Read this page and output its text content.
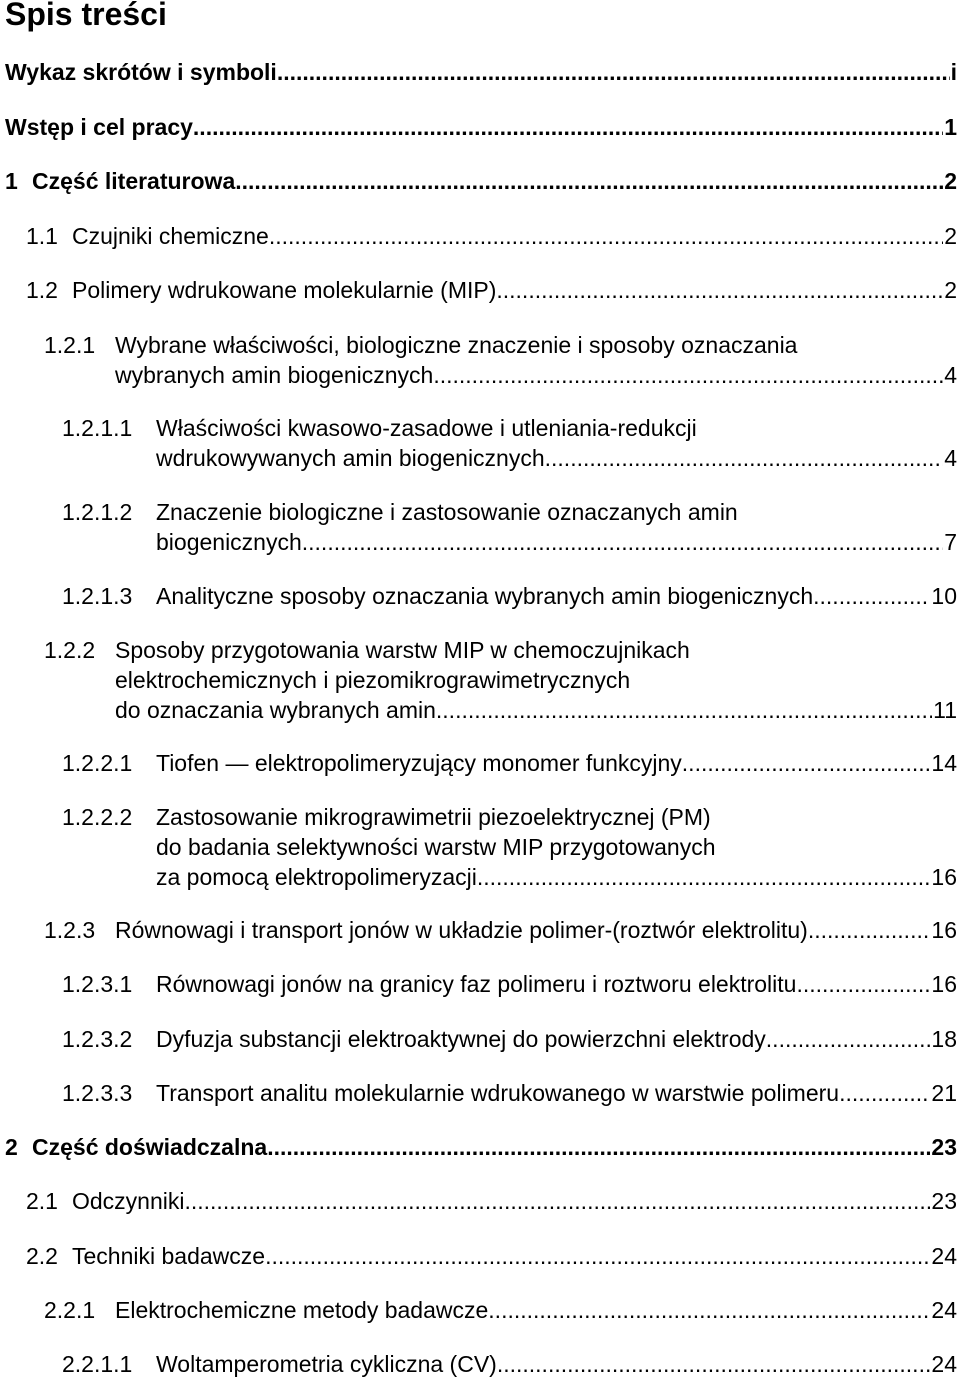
Spis treści
Wykaz skrótów i symboli .....	i
Wstęp i cel pracy .....	1
1 Część literaturowa .....	2
1.1 Czujniki chemiczne .....	2
1.2 Polimery wdrukowane molekularnie (MIP) .....	2
1.2.1 Wybrane właściwości, biologiczne znaczenie i sposoby oznaczania
wybranych amin biogenicznych .....	4
1.2.1.1 Właściwości kwasowo-zasadowe i utleniania-redukcji
wdrukowywanych amin biogenicznych .....	4
1.2.1.2 Znaczenie biologiczne i zastosowanie oznaczanych amin
biogenicznych .....	7
1.2.1.3 Analityczne sposoby oznaczania wybranych amin biogenicznych .....	10
1.2.2 Sposoby przygotowania warstw MIP w chemoczujnikach
elektrochemicznych i piezomikrograwimetrycznych
do oznaczania wybranych amin .....	11
1.2.2.1 Tiofen — elektropolimeryzujący monomer funkcyjny .....	14
1.2.2.2 Zastosowanie mikrograwimetrii piezoelektrycznej (PM)
do badania selektywności warstw MIP przygotowanych
za pomocą elektropolimeryzacji .....	16
1.2.3 Równowagi i transport jonów w układzie polimer-(roztwór elektrolitu) .....	16
1.2.3.1 Równowagi jonów na granicy faz polimeru i roztworu elektrolitu .....	16
1.2.3.2 Dyfuzja substancji elektroaktywnej do powierzchni elektrody .....	18
1.2.3.3 Transport analitu molekularnie wdrukowanego w warstwie polimeru .....	21
2 Część doświadczalna .....	23
2.1 Odczynniki .....	23
2.2 Techniki badawcze .....	24
2.2.1 Elektrochemiczne metody badawcze .....	24
2.2.1.1 Woltamperometria cykliczna (CV) .....	24
